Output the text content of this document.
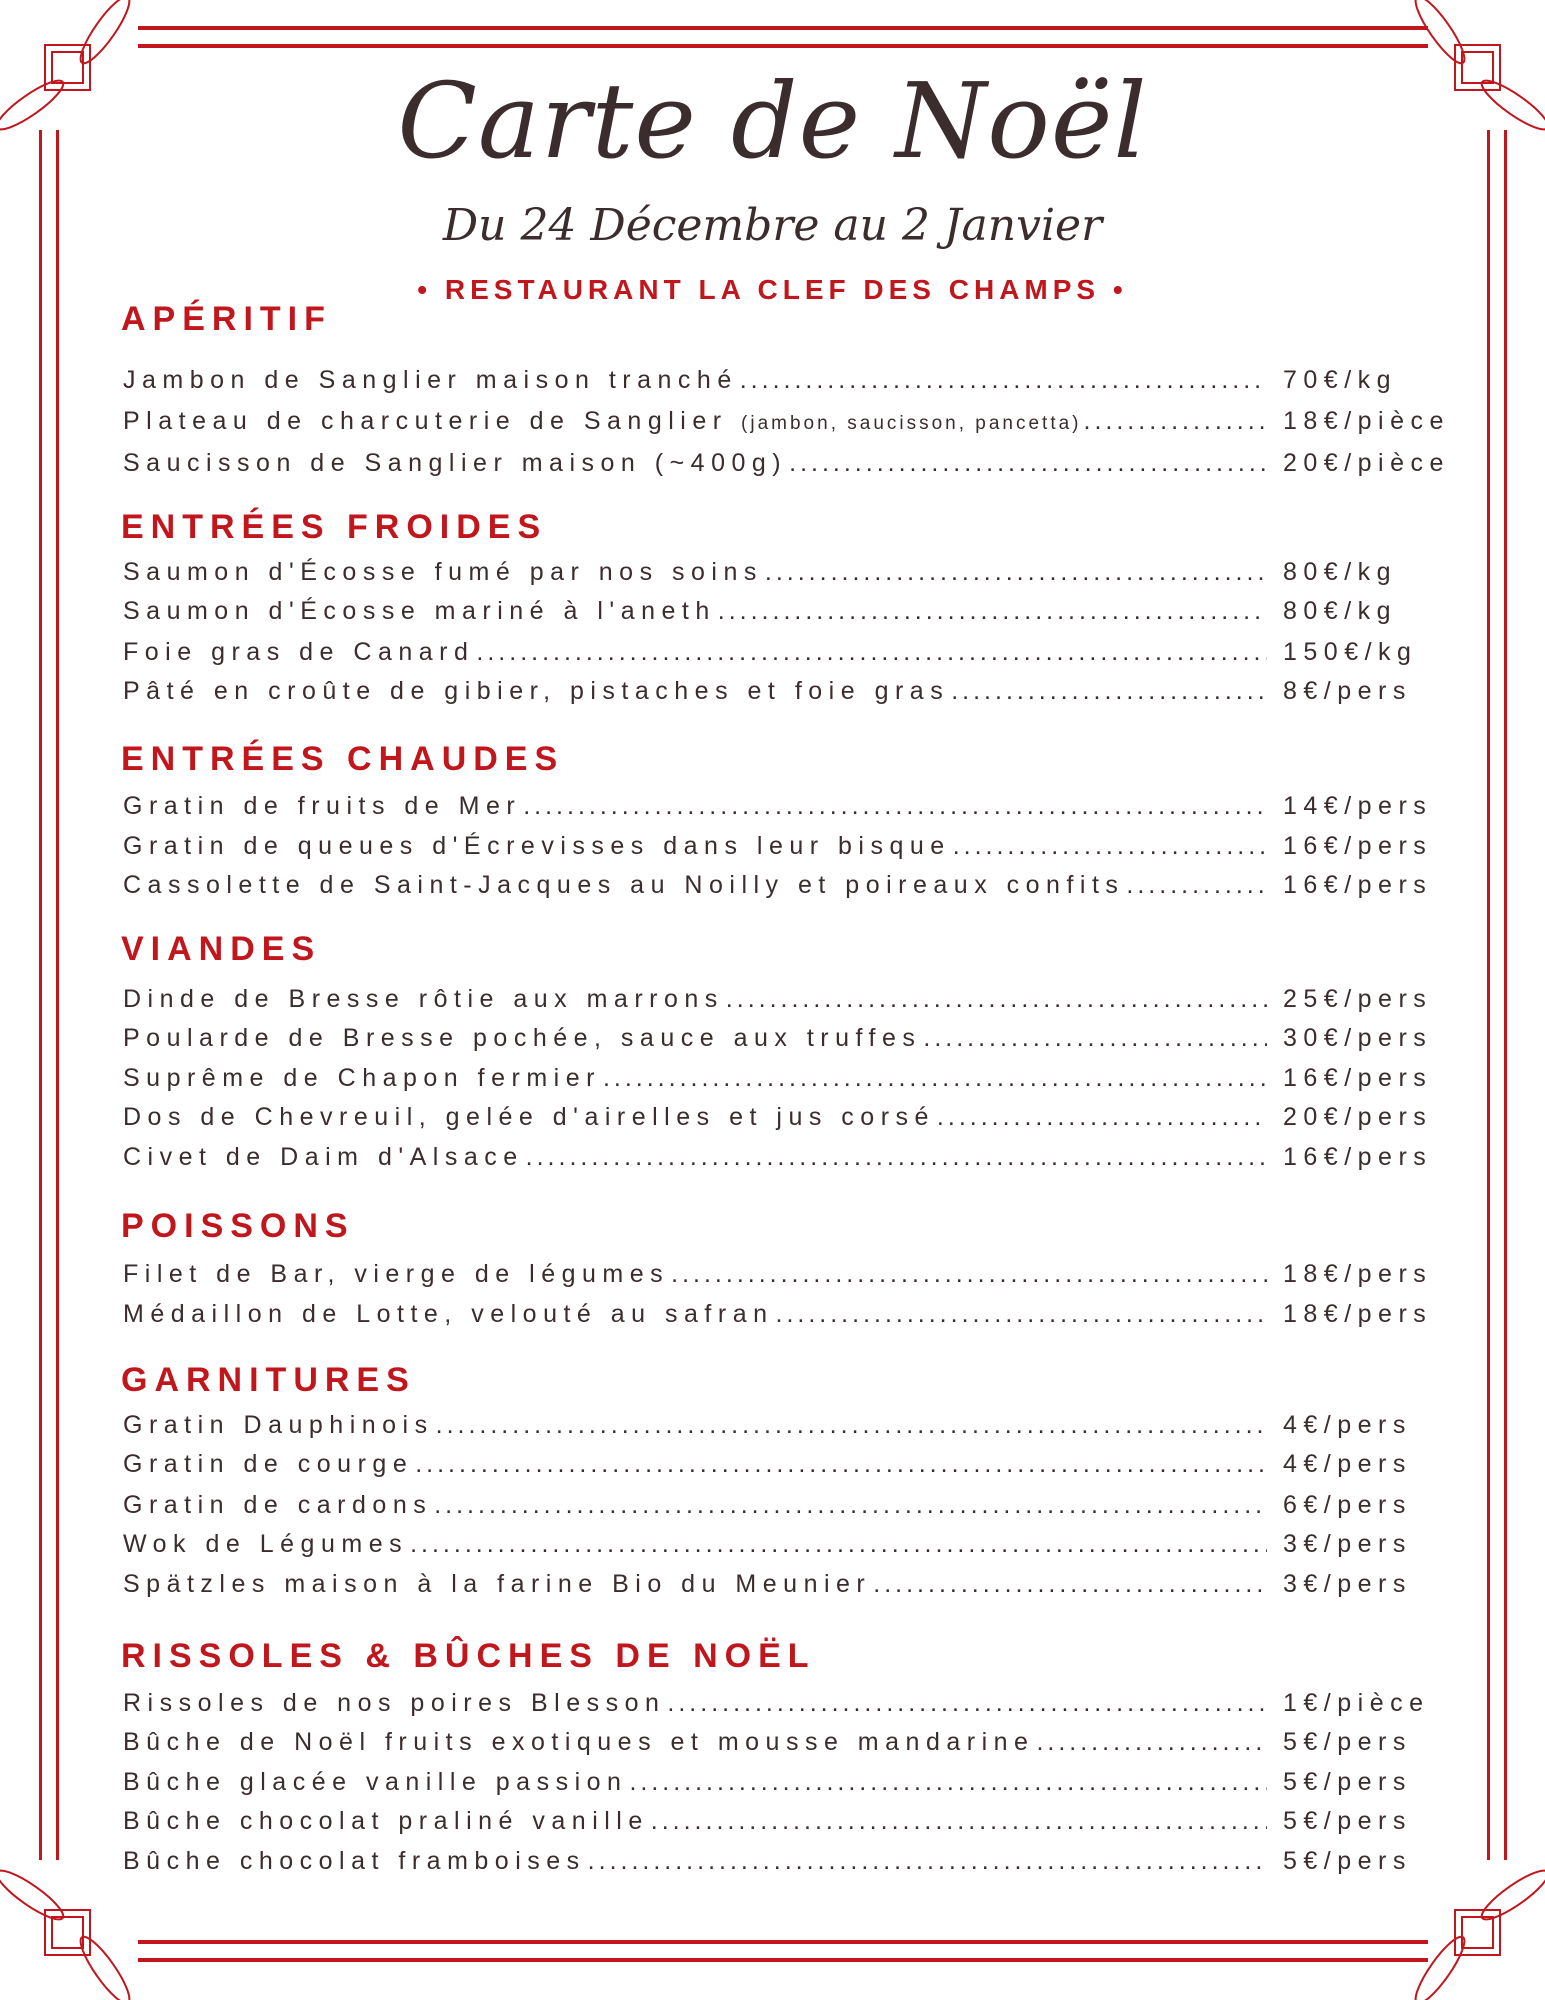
Carte de Noël
Du 24 Décembre au 2 Janvier
• RESTAURANT LA CLEF DES CHAMPS •
APÉRITIF
Jambon de Sanglier maison tranché .....	70€/kg
Plateau de charcuterie de Sanglier (jambon, saucisson, pancetta) .....	18€/pièce
Saucisson de Sanglier maison (~400g) .....	20€/pièce
ENTRÉES FROIDES
Saumon d'Écosse fumé par nos soins .....	80€/kg
Saumon d'Écosse mariné à l'aneth .....	80€/kg
Foie gras de Canard .....	150€/kg
Pâté en croûte de gibier, pistaches et foie gras .....	8€/pers
ENTRÉES CHAUDES
Gratin de fruits de Mer .....	14€/pers
Gratin de queues d'Écrevisses dans leur bisque .....	16€/pers
Cassolette de Saint-Jacques au Noilly et poireaux confits .....	16€/pers
VIANDES
Dinde de Bresse rôtie aux marrons .....	25€/pers
Poularde de Bresse pochée, sauce aux truffes .....	30€/pers
Suprême de Chapon fermier .....	16€/pers
Dos de Chevreuil, gelée d'airelles et jus corsé .....	20€/pers
Civet de Daim d'Alsace .....	16€/pers
POISSONS
Filet de Bar, vierge de légumes .....	18€/pers
Médaillon de Lotte, velouté au safran .....	18€/pers
GARNITURES
Gratin Dauphinois .....	4€/pers
Gratin de courge .....	4€/pers
Gratin de cardons .....	6€/pers
Wok de Légumes .....	3€/pers
Spätzles maison à la farine Bio du Meunier .....	3€/pers
RISSOLES & BÛCHES DE NOËL
Rissoles de nos poires Blesson .....	1€/pièce
Bûche de Noël fruits exotiques et mousse mandarine .....	5€/pers
Bûche glacée vanille passion .....	5€/pers
Bûche chocolat praliné vanille .....	5€/pers
Bûche chocolat framboises .....	5€/pers
